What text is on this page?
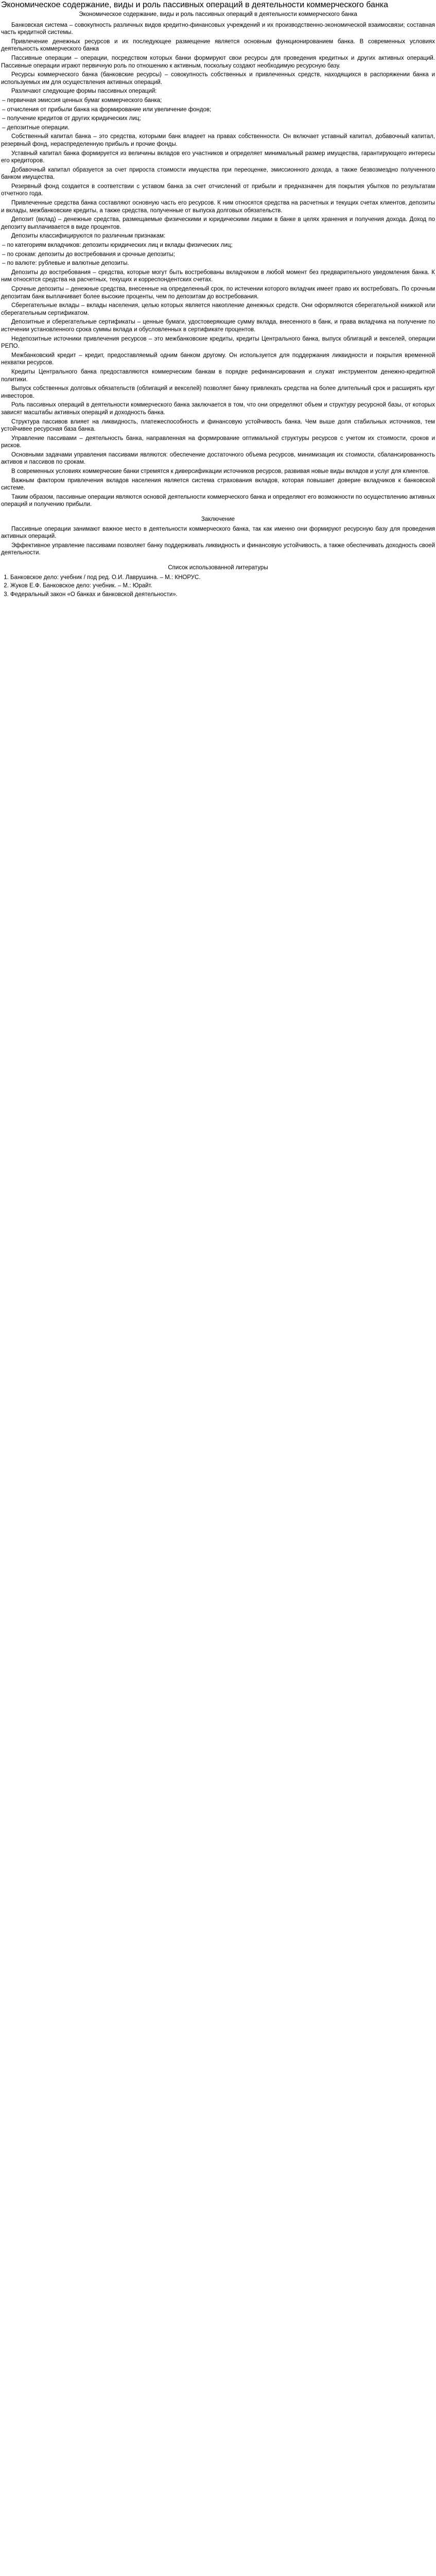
Экономическое содержание, виды и роль пассивных операций в деятельности коммерческого банка
Экономическое содержание, виды и роль пассивных операций в деятельности коммерческого банка

Банковская система – совокупность различных видов кредитно-финансовых учреждений и их производственно-экономической взаимосвязи; составная часть кредитной системы.

Привлечение денежных ресурсов и их последующее размещение является основным функционированием банка. В современных условиях деятельность коммерческого банка

Пассивные операции – операции, посредством которых банки формируют свои ресурсы для проведения кредитных и других активных операций. Пассивные операции играют первичную роль по отношению к активным, поскольку создают необходимую ресурсную базу.

Ресурсы коммерческого банка (банковские ресурсы) – совокупность собственных и привлеченных средств, находящихся в распоряжении банка и используемых им для осуществления активных операций.

Различают следующие формы пассивных операций:

– первичная эмиссия ценных бумаг коммерческого банка;

– отчисления от прибыли банка на формирование или увеличение фондов;

– получение кредитов от других юридических лиц;

– депозитные операции.

Собственный капитал банка – это средства, которыми банк владеет на правах собственности. Он включает уставный капитал, добавочный капитал, резервный фонд, нераспределенную прибыль и прочие фонды.

Уставный капитал банка формируется из величины вкладов его участников и определяет минимальный размер имущества, гарантирующего интересы его кредиторов.

Добавочный капитал образуется за счет прироста стоимости имущества при переоценке, эмиссионного дохода, а также безвозмездно полученного банком имущества.

Резервный фонд создается в соответствии с уставом банка за счет отчислений от прибыли и предназначен для покрытия убытков по результатам отчетного года.

Привлеченные средства банка составляют основную часть его ресурсов. К ним относятся средства на расчетных и текущих счетах клиентов, депозиты и вклады, межбанковские кредиты, а также средства, полученные от выпуска долговых обязательств.

Депозит (вклад) – денежные средства, размещаемые физическими и юридическими лицами в банке в целях хранения и получения дохода. Доход по депозиту выплачивается в виде процентов.

Депозиты классифицируются по различным признакам:

– по категориям вкладчиков: депозиты юридических лиц и вклады физических лиц;

– по срокам: депозиты до востребования и срочные депозиты;

– по валюте: рублевые и валютные депозиты.

Депозиты до востребования – средства, которые могут быть востребованы вкладчиком в любой момент без предварительного уведомления банка. К ним относятся средства на расчетных, текущих и корреспондентских счетах.

Срочные депозиты – денежные средства, внесенные на определенный срок, по истечении которого вкладчик имеет право их востребовать. По срочным депозитам банк выплачивает более высокие проценты, чем по депозитам до востребования.

Сберегательные вклады – вклады населения, целью которых является накопление денежных средств. Они оформляются сберегательной книжкой или сберегательным сертификатом.

Депозитные и сберегательные сертификаты – ценные бумаги, удостоверяющие сумму вклада, внесенного в банк, и права вкладчика на получение по истечении установленного срока суммы вклада и обусловленных в сертификате процентов.

Недепозитные источники привлечения ресурсов – это межбанковские кредиты, кредиты Центрального банка, выпуск облигаций и векселей, операции РЕПО.

Межбанковский кредит – кредит, предоставляемый одним банком другому. Он используется для поддержания ликвидности и покрытия временной нехватки ресурсов.

Кредиты Центрального банка предоставляются коммерческим банкам в порядке рефинансирования и служат инструментом денежно-кредитной политики.

Выпуск собственных долговых обязательств (облигаций и векселей) позволяет банку привлекать средства на более длительный срок и расширять круг инвесторов.

Роль пассивных операций в деятельности коммерческого банка заключается в том, что они определяют объем и структуру ресурсной базы, от которых зависят масштабы активных операций и доходность банка.

Структура пассивов влияет на ликвидность, платежеспособность и финансовую устойчивость банка. Чем выше доля стабильных источников, тем устойчивее ресурсная база банка.

Управление пассивами – деятельность банка, направленная на формирование оптимальной структуры ресурсов с учетом их стоимости, сроков и рисков.

Основными задачами управления пассивами являются: обеспечение достаточного объема ресурсов, минимизация их стоимости, сбалансированность активов и пассивов по срокам.

В современных условиях коммерческие банки стремятся к диверсификации источников ресурсов, развивая новые виды вкладов и услуг для клиентов.

Важным фактором привлечения вкладов населения является система страхования вкладов, которая повышает доверие вкладчиков к банковской системе.

Таким образом, пассивные операции являются основой деятельности коммерческого банка и определяют его возможности по осуществлению активных операций и получению прибыли.

Заключение

Пассивные операции занимают важное место в деятельности коммерческого банка, так как именно они формируют ресурсную базу для проведения активных операций.

Эффективное управление пассивами позволяет банку поддерживать ликвидность и финансовую устойчивость, а также обеспечивать доходность своей деятельности.

Список использованной литературы
1. Банковское дело: учебник / под ред. О.И. Лаврушина. – М.: КНОРУС.
2. Жуков Е.Ф. Банковское дело: учебник. – М.: Юрайт.
3. Федеральный закон «О банках и банковской деятельности».
